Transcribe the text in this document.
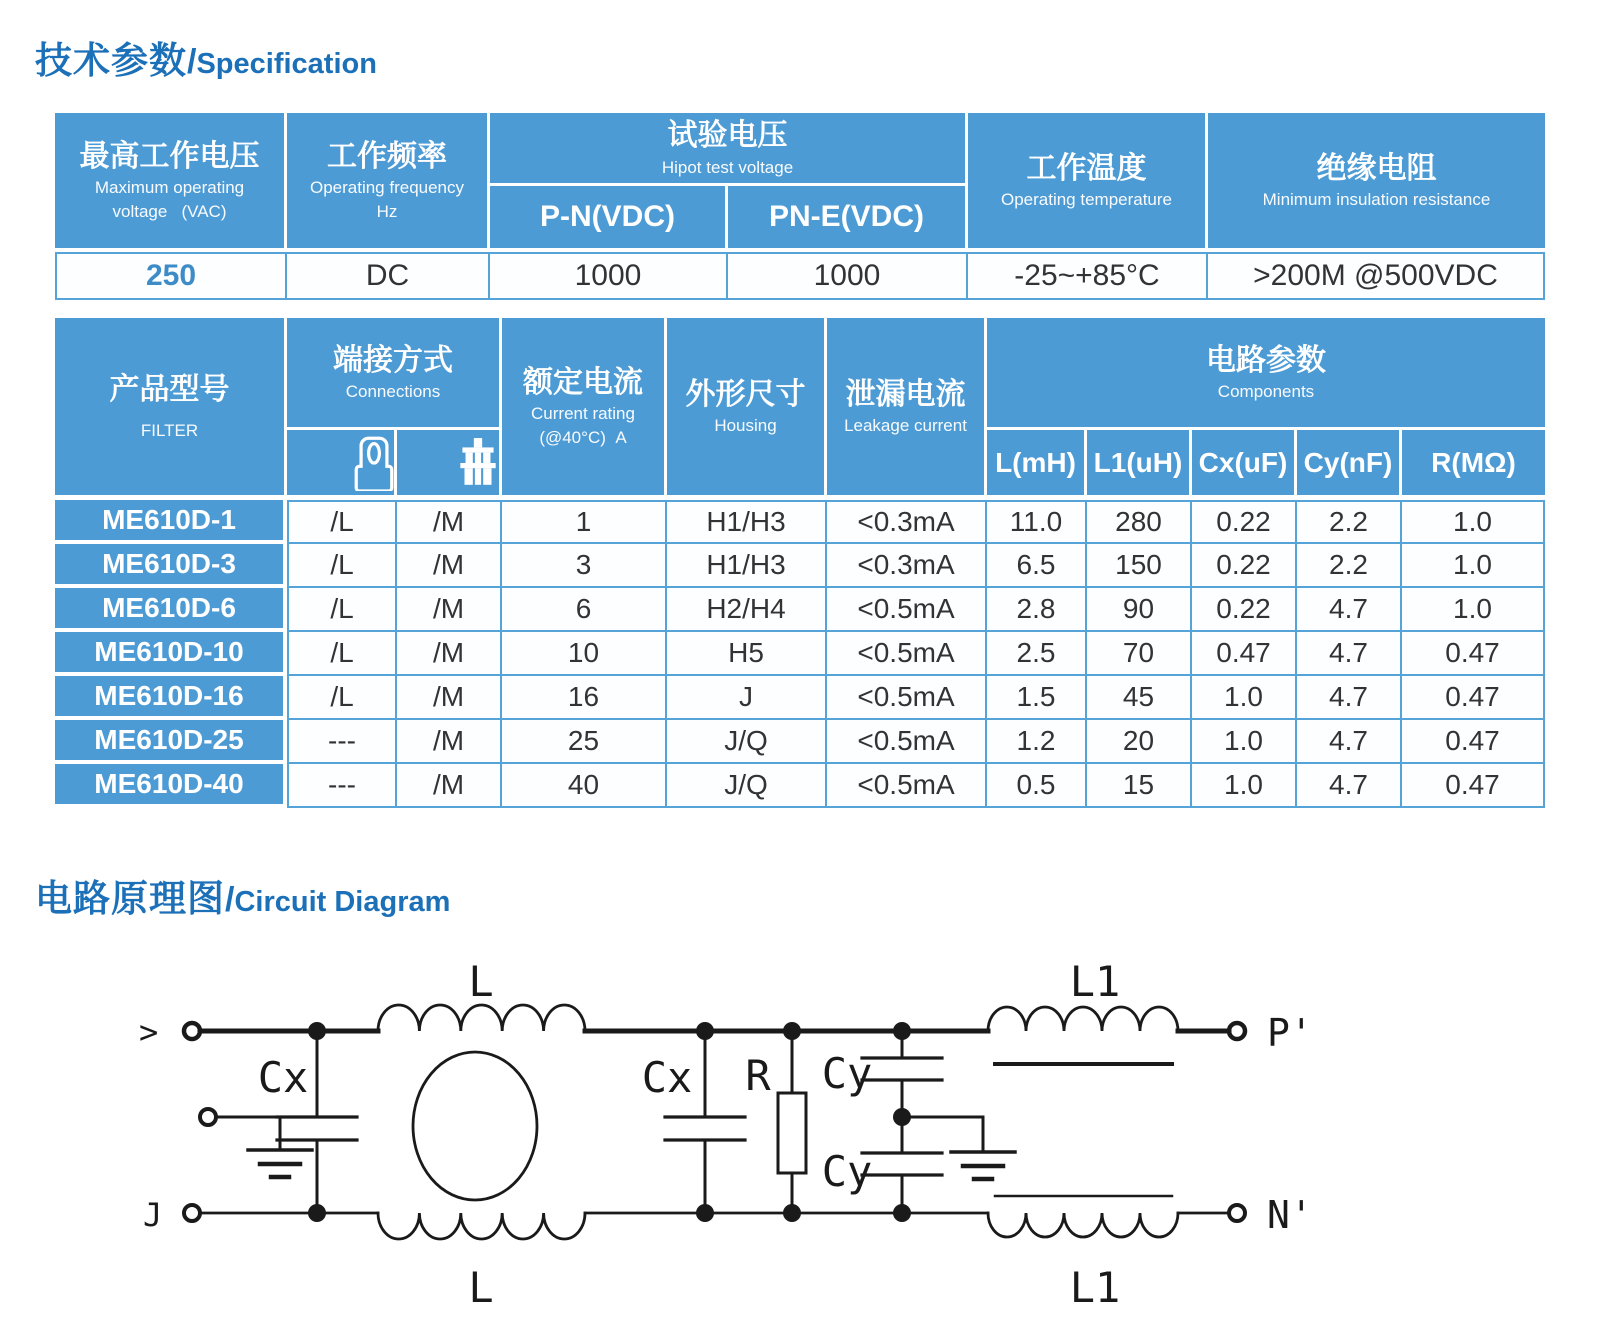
技术参数/Specification
最高工作电压
Maximum operating
voltage   (VAC)
工作频率
Operating frequency
Hz
试验电压
Hipot test voltage
P-N(VDC)	PN-E(VDC)
工作温度
Operating temperature
绝缘电阻
Minimum insulation resistance
250	DC	1000	1000	-25~+85°C	>200M @500VDC
产品型号
FILTER
端接方式
Connections	额定电流
Current rating
(@40°C)  A
外形尺寸
Housing
泄漏电流
Leakage current
电路参数
Components
L(mH) L1(uH) Cx(uF) Cy(nF)	R(MΩ)
ME610D-1	/L	/M	1	H1/H3	<0.3mA	11.0	280	0.22	2.2	1.0
ME610D-3	/L	/M	3	H1/H3	<0.3mA	6.5	150	0.22	2.2	1.0
ME610D-6	/L	/M	6	H2/H4	<0.5mA	2.8	90	0.22	4.7	1.0
ME610D-10	/L	/M	10	H5	<0.5mA	2.5	70	0.47	4.7	0.47
ME610D-16	/L	/M	16	J	<0.5mA	1.5	45	1.0	4.7	0.47
ME610D-25	---	/M	25	J/Q	<0.5mA	1.2	20	1.0	4.7	0.47
ME610D-40	---	/M	40	J/Q	<0.5mA	0.5	15	1.0	4.7	0.47
电路原理图/Circuit Diagram
L
L
L1
L1
Cx	Cx R Cy
Cy
P'
N'
>
J
